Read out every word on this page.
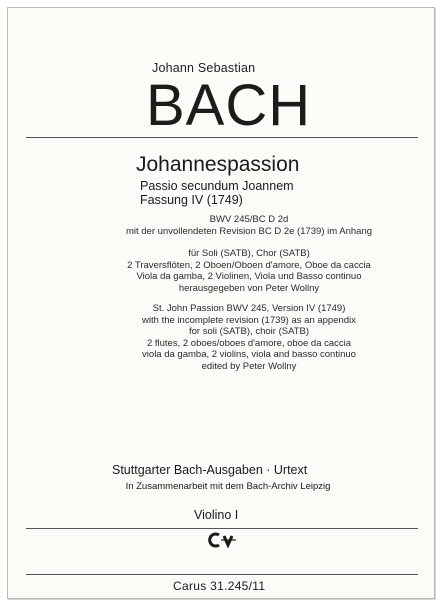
Johann Sebastian
BACH
Johannespassion
Passio secundum Joannem
Fassung IV (1749)
BWV 245/BC D 2d
mit der unvollendeten Revision BC D 2e (1739) im Anhang
für Soli (SATB), Chor (SATB)
2 Traversflöten, 2 Oboen/Oboen d'amore, Oboe da caccia
Viola da gamba, 2 Violinen, Viola und Basso continuo
herausgegeben von Peter Wollny
St. John Passion BWV 245, Version IV (1749)
with the incomplete revision (1739) as an appendix
for soli (SATB), choir (SATB)
2 flutes, 2 oboes/oboes d'amore, oboe da caccia
viola da gamba, 2 violins, viola and basso continuo
edited by Peter Wollny
Stuttgarter Bach-Ausgaben · Urtext
In Zusammenarbeit mit dem Bach-Archiv Leipzig
Violino I
Carus 31.245/11
